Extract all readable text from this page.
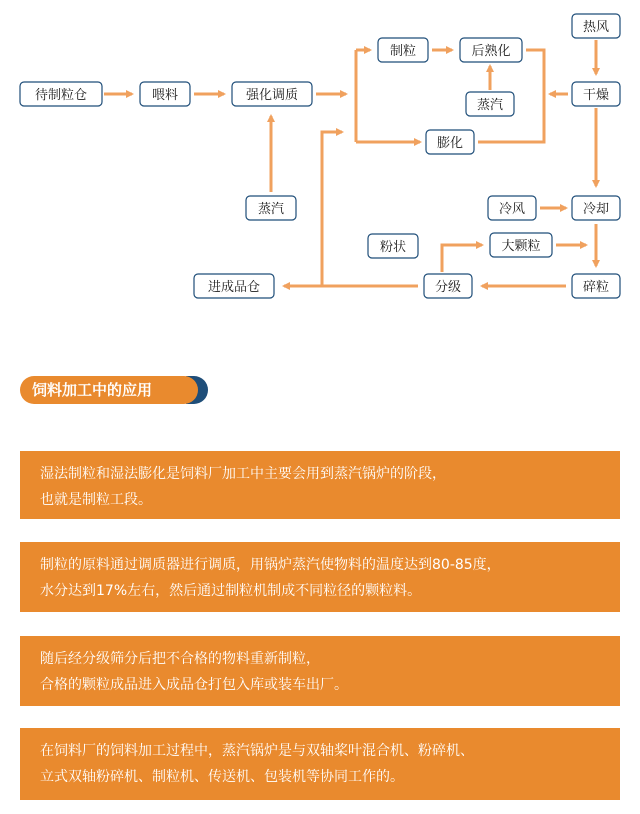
待制粒仓	喂料	强化调质
制粒	后熟化
蒸汽
膨化
热风
干燥
蒸汽	冷风	冷却
粉状	大颗粒
碎粒
分级
进成品仓
饲料加工中的应用
湿法制粒和湿法膨化是饲料厂加工中主要会用到蒸汽锅炉的阶段，
也就是制粒工段。
制粒的原料通过调质器进行调质，用锅炉蒸汽使物料的温度达到80-85度，
水分达到17%左右，然后通过制粒机制成不同粒径的颗粒料。
随后经分级筛分后把不合格的物料重新制粒，
合格的颗粒成品进入成品仓打包入库或装车出厂。
在饲料厂的饲料加工过程中，蒸汽锅炉是与双轴桨叶混合机、粉碎机、
立式双轴粉碎机、制粒机、传送机、包装机等协同工作的。
